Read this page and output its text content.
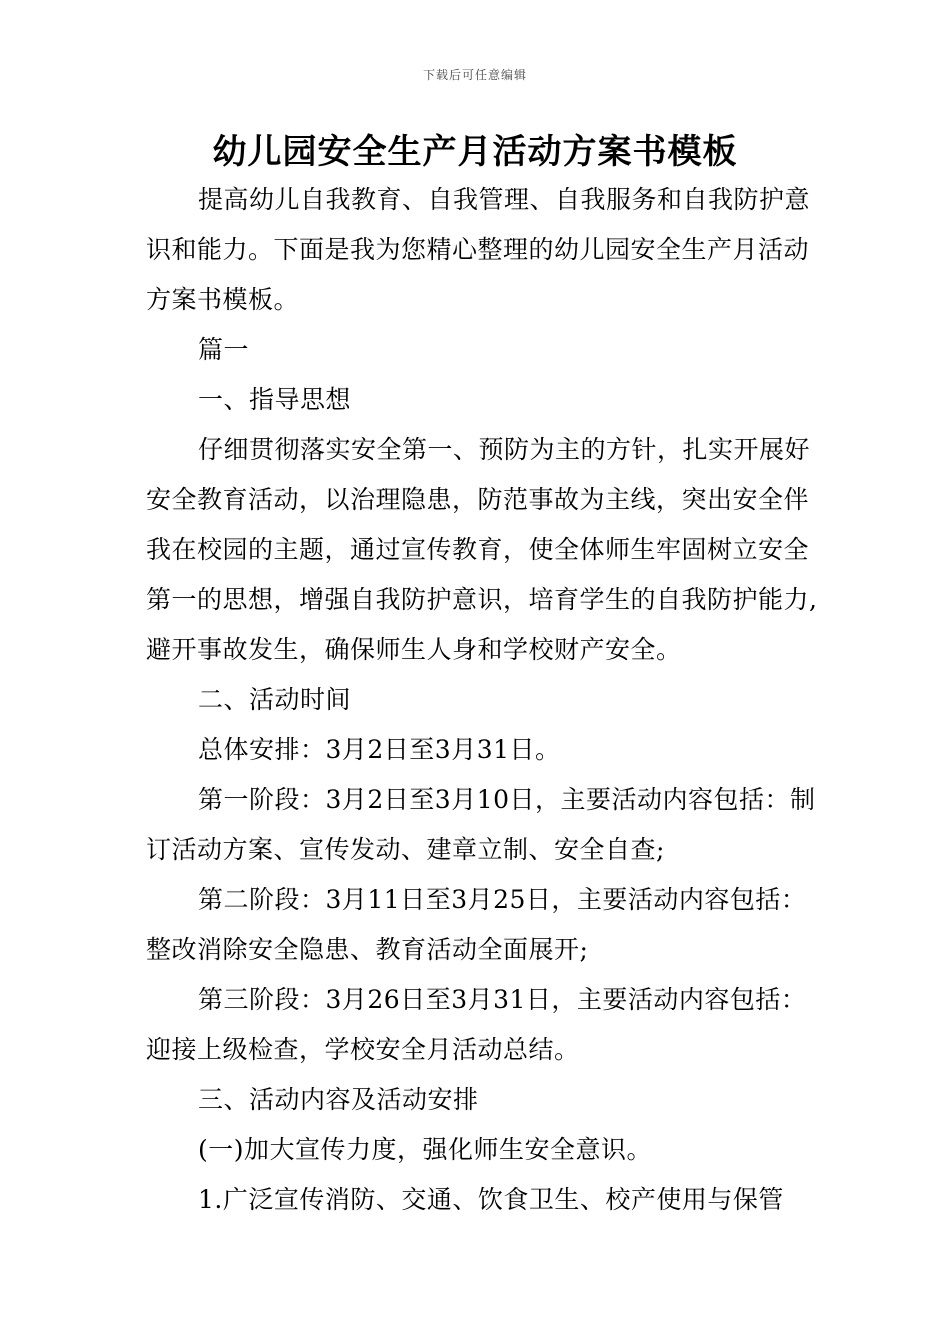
下载后可任意编辑
幼儿园安全生产月活动方案书模板

提高幼儿自我教育、自我管理、自我服务和自我防护意识和能力。下面是我为您精心整理的幼儿园安全生产月活动方案书模板。

篇一

一、指导思想

仔细贯彻落实安全第一、预防为主的方针，扎实开展好安全教育活动，以治理隐患，防范事故为主线，突出安全伴我在校园的主题，通过宣传教育，使全体师生牢固树立安全第一的思想，增强自我防护意识，培育学生的自我防护能力,避开事故发生，确保师生人身和学校财产安全。

二、活动时间

总体安排：3月2日至3月31日。

第一阶段：3月2日至3月10日，主要活动内容包括：制订活动方案、宣传发动、建章立制、安全自查;

第二阶段：3月11日至3月25日，主要活动内容包括：整改消除安全隐患、教育活动全面展开;

第三阶段：3月26日至3月31日，主要活动内容包括：迎接上级检查，学校安全月活动总结。

三、活动内容及活动安排

(一)加大宣传力度，强化师生安全意识。

1.广泛宣传消防、交通、饮食卫生、校产使用与保管
